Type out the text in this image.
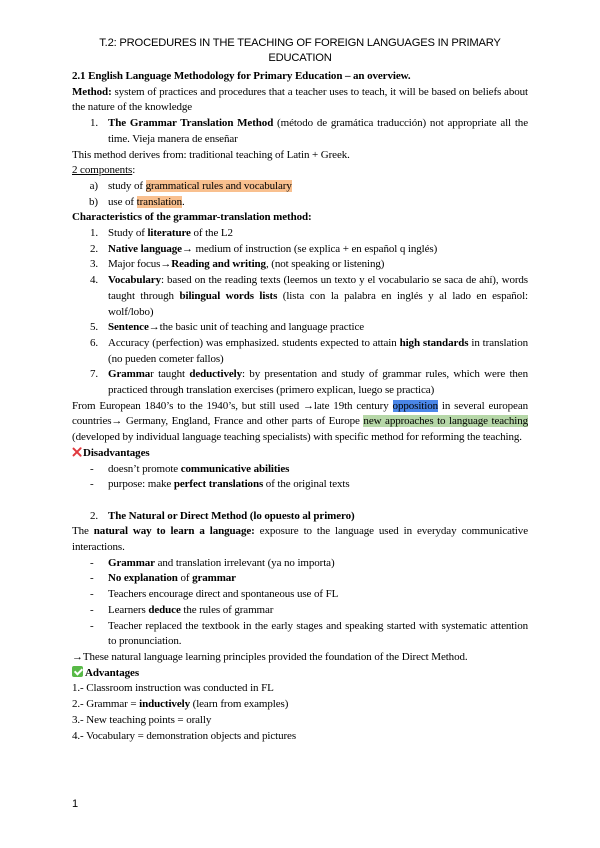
T.2: PROCEDURES IN THE TEACHING OF FOREIGN LANGUAGES IN PRIMARY EDUCATION

2.1 English Language Methodology for Primary Education – an overview.

Method: system of practices and procedures that a teacher uses to teach, it will be based on beliefs about the nature of the knowledge

1. The Grammar Translation Method (método de gramática traducción) not appropriate all the time. Vieja manera de enseñar

This method derives from: traditional teaching of Latin + Greek.

2 components:

a) study of grammatical rules and vocabulary
b) use of translation.

Characteristics of the grammar-translation method:

1. Study of literature of the L2
2. Native language→ medium of instruction (se explica + en español q inglés)
3. Major focus→Reading and writing, (not speaking or listening)
4. Vocabulary: based on the reading texts (leemos un texto y el vocabulario se saca de ahí), words taught through bilingual words lists (lista con la palabra en inglés y al lado en español: wolf/lobo)
5. Sentence→the basic unit of teaching and language practice
6. Accuracy (perfection) was emphasized. students expected to attain high standards in translation (no pueden cometer fallos)
7. Grammar taught deductively: by presentation and study of grammar rules, which were then practiced through translation exercises (primero explican, luego se practica)

From European 1840’s to the 1940’s, but still used →late 19th century opposition in several european countries→ Germany, England, France and other parts of Europe new approaches to language teaching (developed by individual language teaching specialists) with specific method for reforming the teaching.

Disadvantages

-	doesn’t promote communicative abilities
-	purpose: make perfect translations of the original texts
2. The Natural or Direct Method (lo opuesto al primero)

The natural way to learn a language: exposure to the language used in everyday communicative interactions.

-	Grammar and translation irrelevant (ya no importa)
-	No explanation of grammar
-	Teachers encourage direct and spontaneous use of FL
-	Learners deduce the rules of grammar
-	Teacher replaced the textbook in the early stages and speaking started with systematic attention to pronunciation.

→These natural language learning principles provided the foundation of the Direct Method.

Advantages

1.- Classroom instruction was conducted in FL

2.- Grammar = inductively (learn from examples)

3.- New teaching points = orally

4.- Vocabulary = demonstration objects and pictures

1
